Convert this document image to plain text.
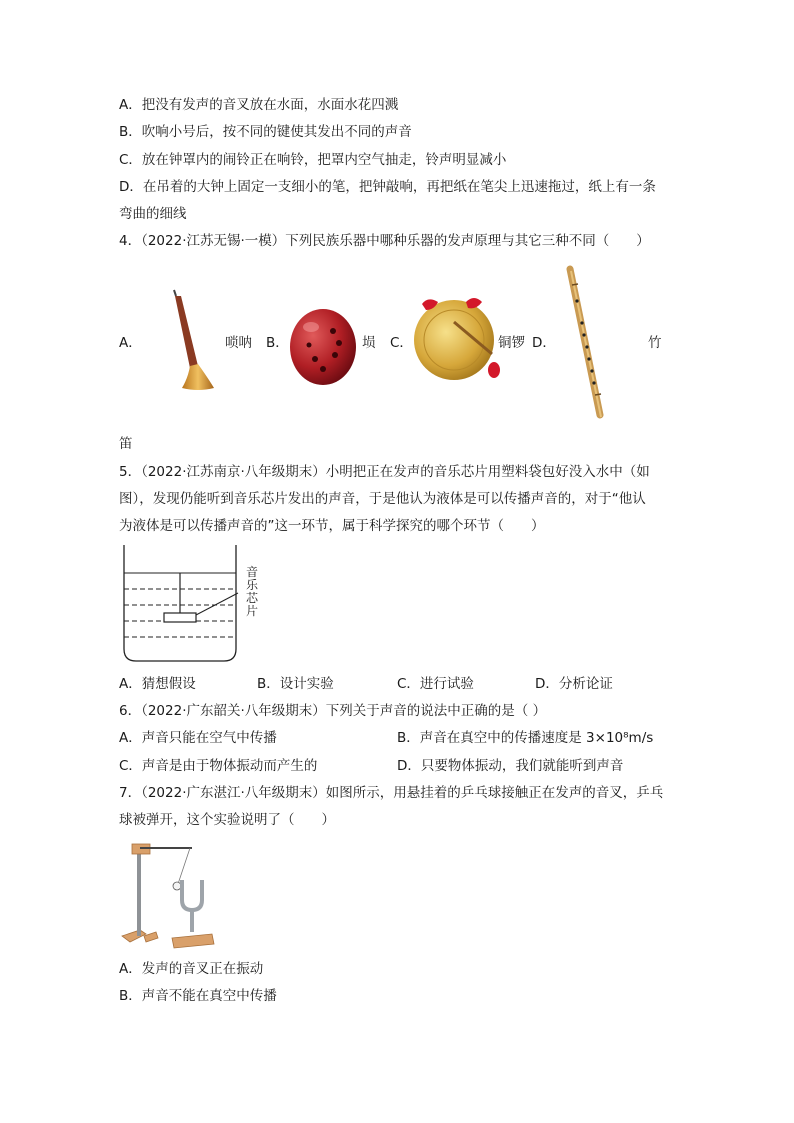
A．把没有发声的音叉放在水面，水面水花四溅
B．吹响小号后，按不同的键使其发出不同的声音
C．放在钟罩内的闹铃正在响铃，把罩内空气抽走，铃声明显减小
D．在吊着的大钟上固定一支细小的笔，把钟敲响，再把纸在笔尖上迅速拖过，纸上有一条
弯曲的细线
4．（2022·江苏无锡·一模）下列民族乐器中哪种乐器的发声原理与其它三种不同（　　）
A．	唢呐 B．	埙 C．	铜锣 D．	竹
笛
5．（2022·江苏南京·八年级期末）小明把正在发声的音乐芯片用塑料袋包好没入水中（如
图），发现仍能听到音乐芯片发出的声音，于是他认为液体是可以传播声音的，对于“他认
为液体是可以传播声音的”这一环节，属于科学探究的哪个环节（　　）
音
乐
芯
片
A．猜想假设	B．设计实验	C．进行试验	D．分析论证
6．（2022·广东韶关·八年级期末）下列关于声音的说法中正确的是（ ）
A．声音只能在空气中传播	B．声音在真空中的传播速度是 3×10⁸m/s
C．声音是由于物体振动而产生的	D．只要物体振动，我们就能听到声音
7．（2022·广东湛江·八年级期末）如图所示，用悬挂着的乒乓球接触正在发声的音叉，乒乓
球被弹开，这个实验说明了（　　）
A．发声的音叉正在振动
B．声音不能在真空中传播
